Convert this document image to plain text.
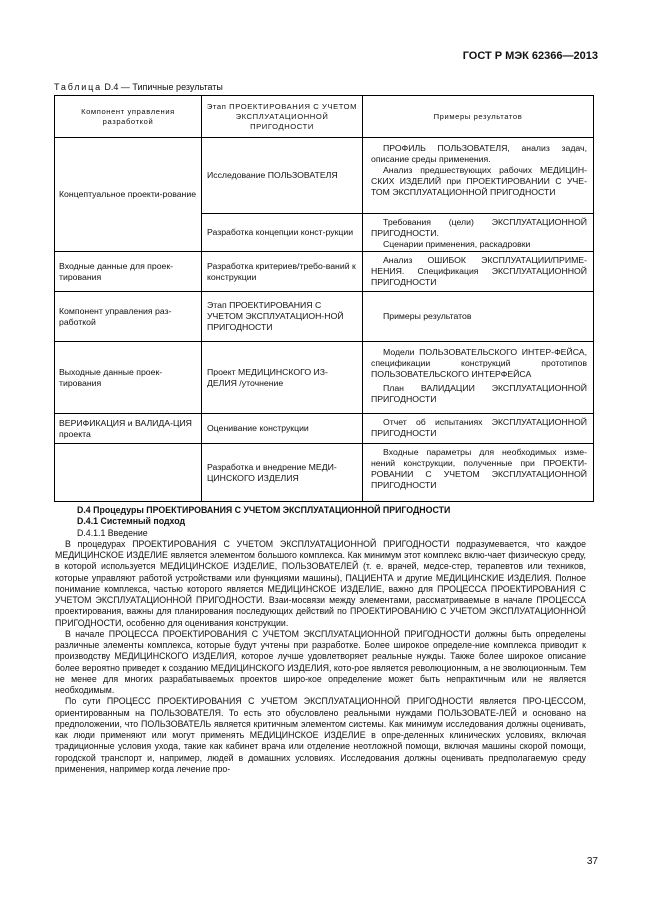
ГОСТ Р МЭК 62366—2013
Таблица D.4 — Типичные результаты
Компонент управления разработкой	Этап ПРОЕКТИРОВАНИЯ С УЧЕТОМ ЭКСПЛУАТАЦИОННОЙ ПРИГОДНОСТИ	Примеры результатов
Концептуальное проекти-рование	Исследование ПОЛЬЗОВАТЕЛЯ	ПРОФИЛЬ ПОЛЬЗОВАТЕЛЯ, анализ задач, описание среды применения.

Анализ предшествующих рабочих МЕДИЦИН-СКИХ ИЗДЕЛИЙ при ПРОЕКТИРОВАНИИ С УЧЕ-ТОМ ЭКСПЛУАТАЦИОННОЙ ПРИГОДНОСТИ

	Разработка концепции конст-рукции	Требования (цели) ЭКСПЛУАТАЦИОННОЙ ПРИГОДНОСТИ.

Сценарии применения, раскадровки

Входные данные для проек-тирования	Разработка критериев/требо-ваний к конструкции	Анализ ОШИБОК ЭКСПЛУАТАЦИИ/ПРИМЕ-НЕНИЯ. Спецификация ЭКСПЛУАТАЦИОННОЙ ПРИГОДНОСТИ

Компонент управления раз-работкой	Этап ПРОЕКТИРОВАНИЯ С УЧЕТОМ ЭКСПЛУАТАЦИОН-НОЙ ПРИГОДНОСТИ	Примеры результатов

Выходные данные проек-тирования	Проект МЕДИЦИНСКОГО ИЗ-ДЕЛИЯ /уточнение	Модели ПОЛЬЗОВАТЕЛЬСКОГО ИНТЕР-ФЕЙСА, спецификации конструкций прототипов ПОЛЬЗОВАТЕЛЬСКОГО ИНТЕРФЕЙСА

План ВАЛИДАЦИИ ЭКСПЛУАТАЦИОННОЙ ПРИГОДНОСТИ

ВЕРИФИКАЦИЯ и ВАЛИДА-ЦИЯ проекта	Оценивание конструкции	Отчет об испытаниях ЭКСПЛУАТАЦИОННОЙ ПРИГОДНОСТИ

	Разработка и внедрение МЕДИ-ЦИНСКОГО ИЗДЕЛИЯ	Входные параметры для необходимых изме-нений конструкции, полученные при ПРОЕКТИ-РОВАНИИ С УЧЕТОМ ЭКСПЛУАТАЦИОННОЙ ПРИГОДНОСТИ

D.4 Процедуры ПРОЕКТИРОВАНИЯ С УЧЕТОМ ЭКСПЛУАТАЦИОННОЙ ПРИГОДНОСТИ
D.4.1 Системный подход
D.4.1.1 Введение

В процедурах ПРОЕКТИРОВАНИЯ С УЧЕТОМ ЭКСПЛУАТАЦИОННОЙ ПРИГОДНОСТИ подразумевается, что каждое МЕДИЦИНСКОЕ ИЗДЕЛИЕ является элементом большого комплекса. Как минимум этот комплекс вклю-чает физическую среду, в которой используется МЕДИЦИНСКОЕ ИЗДЕЛИЕ, ПОЛЬЗОВАТЕЛЕЙ (т. е. врачей, медсе-стер, терапевтов или техников, которые управляют работой устройствами или функциями машины), ПАЦИЕНТА и другие МЕДИЦИНСКИЕ ИЗДЕЛИЯ. Полное понимание комплекса, частью которого является МЕДИЦИНСКОЕ ИЗДЕЛИЕ, важно для ПРОЦЕССА ПРОЕКТИРОВАНИЯ С УЧЕТОМ ЭКСПЛУАТАЦИОННОЙ ПРИГОДНОСТИ. Взаи-мосвязи между элементами, рассматриваемые в начале ПРОЦЕССА проектирования, важны для планирования последующих действий по ПРОЕКТИРОВАНИЮ С УЧЕТОМ ЭКСПЛУАТАЦИОННОЙ ПРИГОДНОСТИ, особенно для оценивания конструкции.

В начале ПРОЦЕССА ПРОЕКТИРОВАНИЯ С УЧЕТОМ ЭКСПЛУАТАЦИОННОЙ ПРИГОДНОСТИ должны быть определены различные элементы комплекса, которые будут учтены при разработке. Более широкое определе-ние комплекса приводит к производству МЕДИЦИНСКОГО ИЗДЕЛИЯ, которое лучше удовлетворяет реальные нужды. Также более широкое описание более вероятно приведет к созданию МЕДИЦИНСКОГО ИЗДЕЛИЯ, кото-рое является революционным, а не эволюционным. Тем не менее для многих разрабатываемых проектов широ-кое определение может быть непрактичным или не является необходимым.

По сути ПРОЦЕСС ПРОЕКТИРОВАНИЯ С УЧЕТОМ ЭКСПЛУАТАЦИОННОЙ ПРИГОДНОСТИ является ПРО-ЦЕССОМ, ориентированным на ПОЛЬЗОВАТЕЛЯ. То есть это обусловлено реальными нуждами ПОЛЬЗОВАТЕ-ЛЕЙ и основано на предположении, что ПОЛЬЗОВАТЕЛЬ является критичным элементом системы. Как минимум исследования должны оценивать, как люди применяют или могут применять МЕДИЦИНСКОЕ ИЗДЕЛИЕ в опре-деленных клинических условиях, включая традиционные условия ухода, такие как кабинет врача или отделение неотложной помощи, включая машины скорой помощи, городской транспорт и, например, людей в домашних условиях. Исследования должны оценивать предполагаемую среду применения, например когда лечение про-

37
